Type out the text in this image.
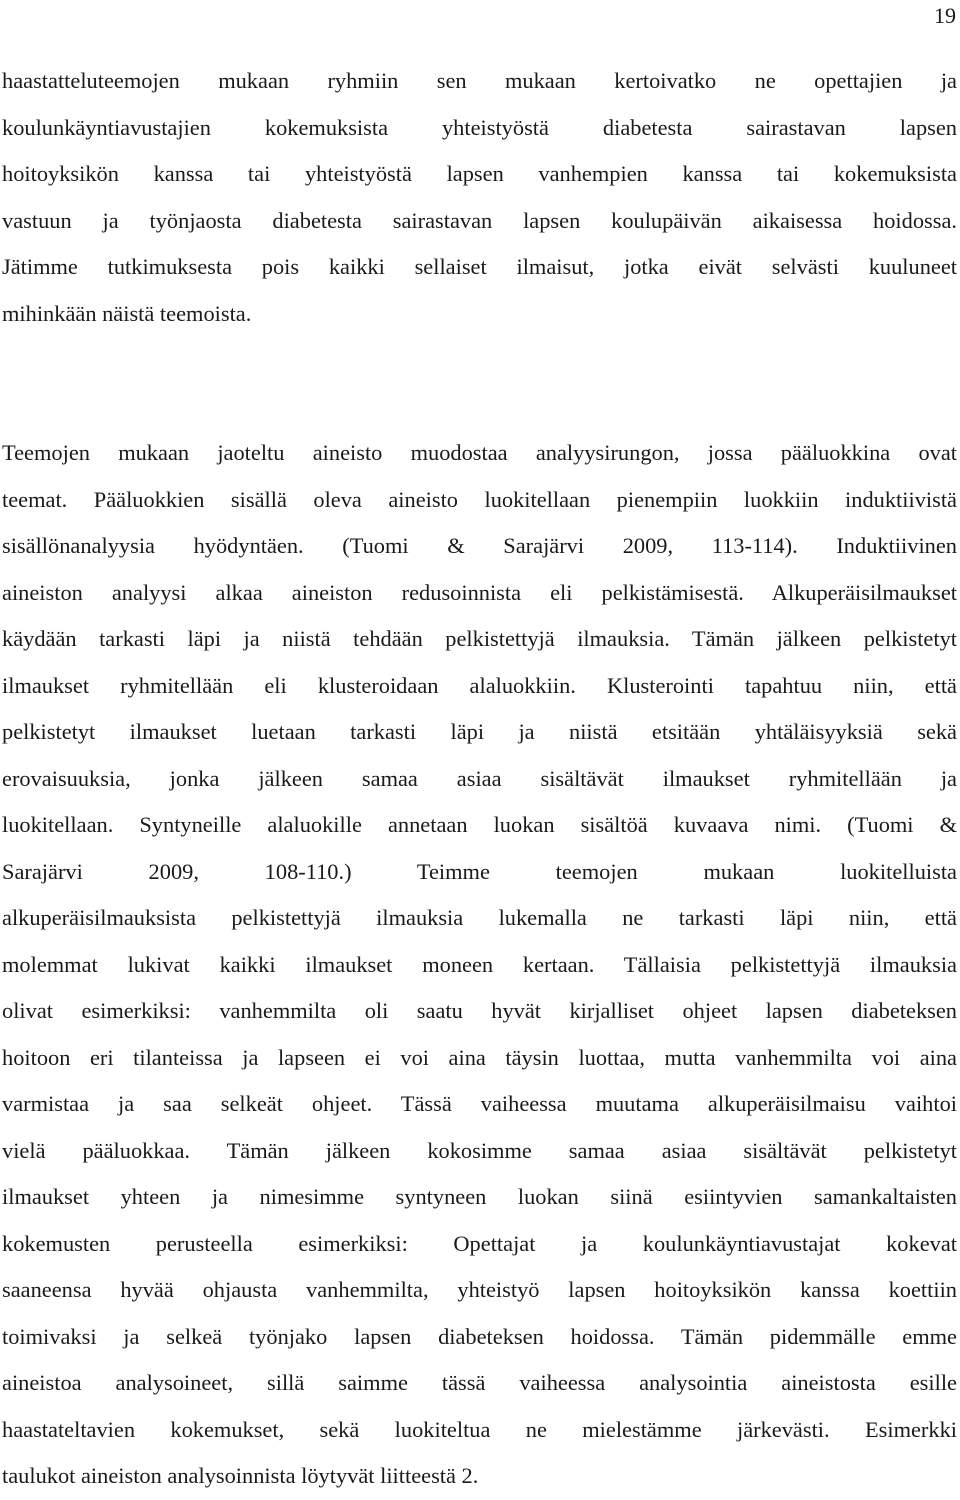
19
haastatteluteemojen mukaan ryhmiin sen mukaan kertoivatko ne opettajien ja
koulunkäyntiavustajien kokemuksista yhteistyöstä diabetesta sairastavan lapsen
hoitoyksikön kanssa tai yhteistyöstä lapsen vanhempien kanssa tai kokemuksista
vastuun ja työnjaosta diabetesta sairastavan lapsen koulupäivän aikaisessa hoidossa.
Jätimme tutkimuksesta pois kaikki sellaiset ilmaisut, jotka eivät selvästi kuuluneet
mihinkään näistä teemoista.
Teemojen mukaan jaoteltu aineisto muodostaa analyysirungon, jossa pääluokkina ovat
teemat. Pääluokkien sisällä oleva aineisto luokitellaan pienempiin luokkiin induktiivistä
sisällönanalyysia hyödyntäen. (Tuomi & Sarajärvi 2009, 113-114). Induktiivinen
aineiston analyysi alkaa aineiston redusoinnista eli pelkistämisestä. Alkuperäisilmaukset
käydään tarkasti läpi ja niistä tehdään pelkistettyjä ilmauksia. Tämän jälkeen pelkistetyt
ilmaukset ryhmitellään eli klusteroidaan alaluokkiin. Klusterointi tapahtuu niin, että
pelkistetyt ilmaukset luetaan tarkasti läpi ja niistä etsitään yhtäläisyyksiä sekä
erovaisuuksia, jonka jälkeen samaa asiaa sisältävät ilmaukset ryhmitellään ja
luokitellaan. Syntyneille alaluokille annetaan luokan sisältöä kuvaava nimi. (Tuomi &
Sarajärvi 2009, 108-110.) Teimme teemojen mukaan luokitelluista
alkuperäisilmauksista pelkistettyjä ilmauksia lukemalla ne tarkasti läpi niin, että
molemmat lukivat kaikki ilmaukset moneen kertaan. Tällaisia pelkistettyjä ilmauksia
olivat esimerkiksi: vanhemmilta oli saatu hyvät kirjalliset ohjeet lapsen diabeteksen
hoitoon eri tilanteissa ja lapseen ei voi aina täysin luottaa, mutta vanhemmilta voi aina
varmistaa ja saa selkeät ohjeet. Tässä vaiheessa muutama alkuperäisilmaisu vaihtoi
vielä pääluokkaa. Tämän jälkeen kokosimme samaa asiaa sisältävät pelkistetyt
ilmaukset yhteen ja nimesimme syntyneen luokan siinä esiintyvien samankaltaisten
kokemusten perusteella esimerkiksi: Opettajat ja koulunkäyntiavustajat kokevat
saaneensa hyvää ohjausta vanhemmilta, yhteistyö lapsen hoitoyksikön kanssa koettiin
toimivaksi ja selkeä työnjako lapsen diabeteksen hoidossa. Tämän pidemmälle emme
aineistoa analysoineet, sillä saimme tässä vaiheessa analysointia aineistosta esille
haastateltavien kokemukset, sekä luokiteltua ne mielestämme järkevästi. Esimerkki
taulukot aineiston analysoinnista löytyvät liitteestä 2.
